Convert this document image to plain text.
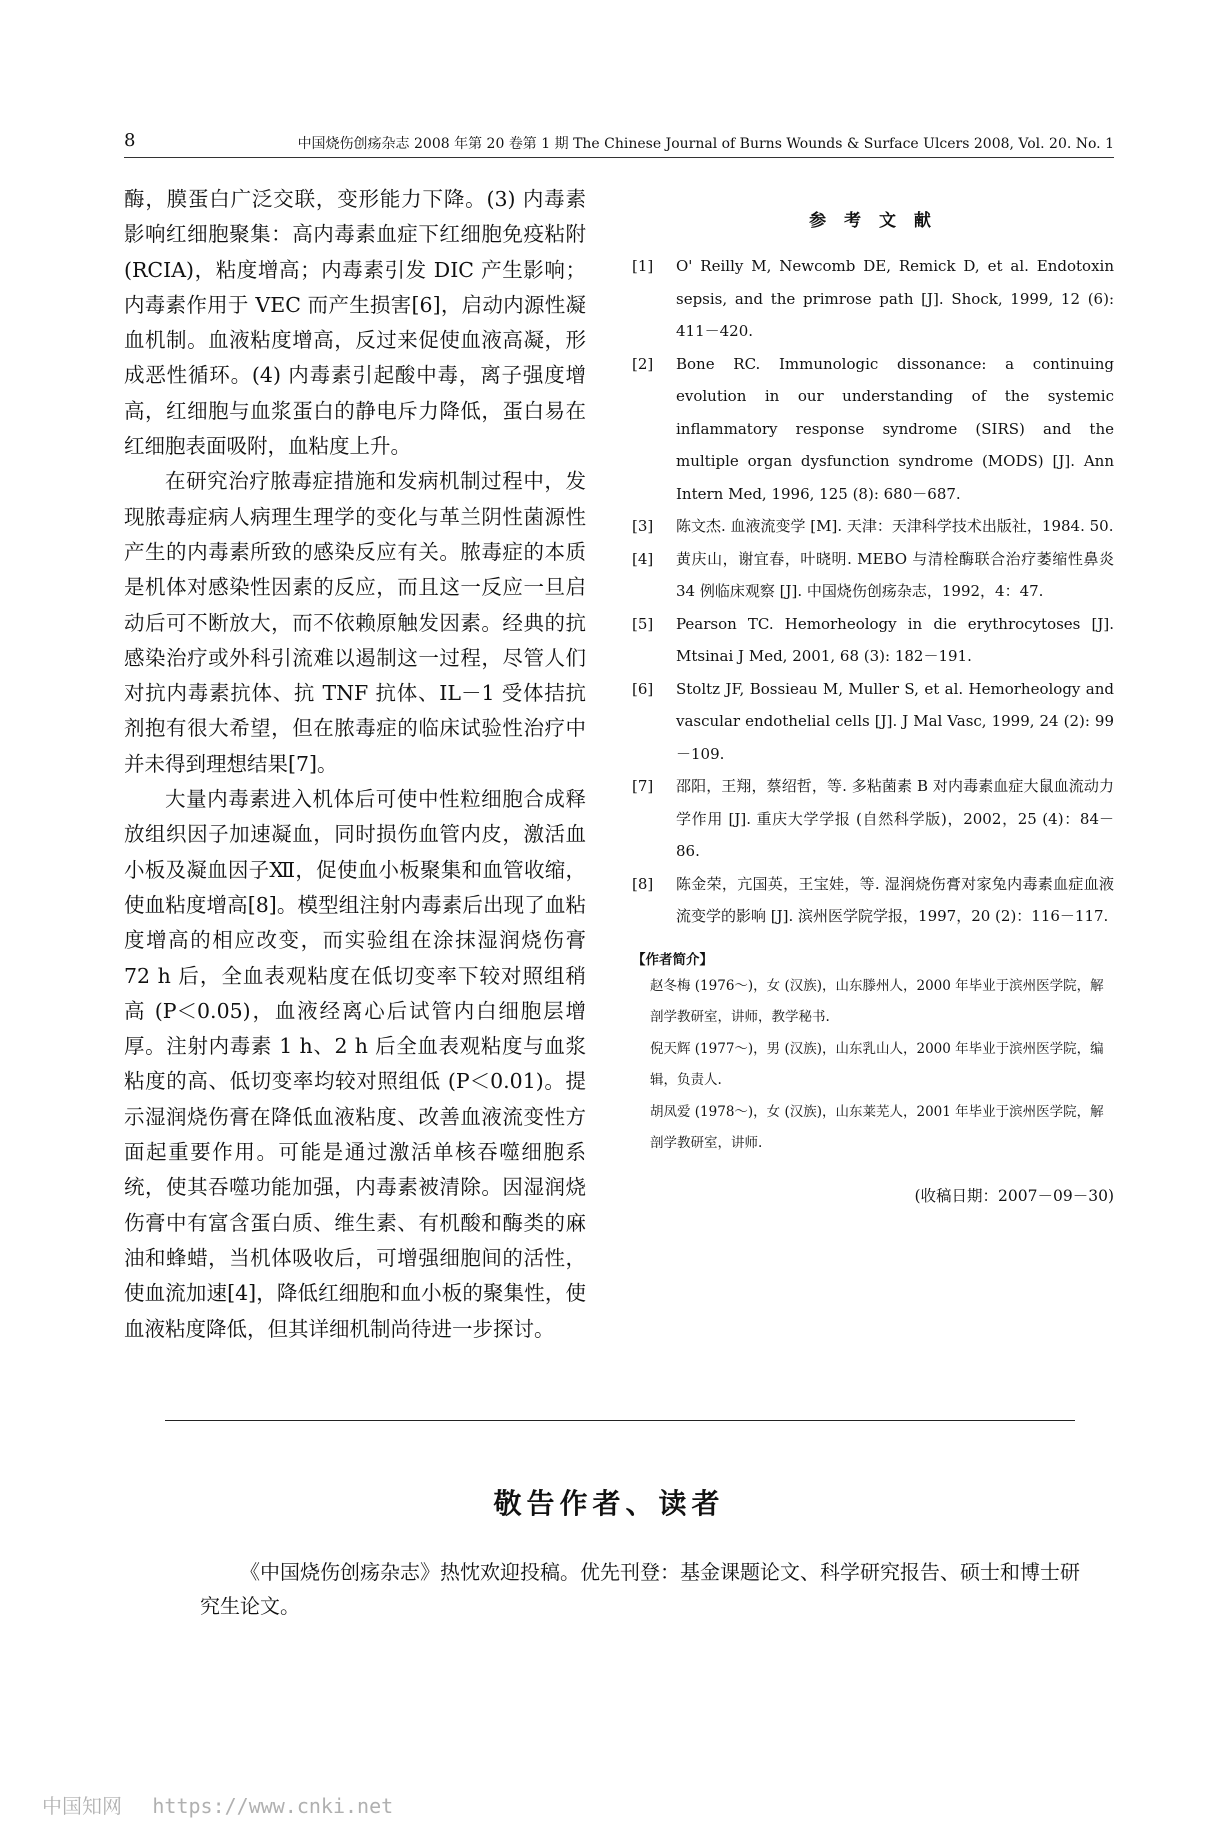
8	中国烧伤创疡杂志 2008 年第 20 卷第 1 期 The Chinese Journal of Burns Wounds & Surface Ulcers 2008, Vol. 20. No. 1

酶，膜蛋白广泛交联，变形能力下降。(3) 内毒素影响红细胞聚集：高内毒素血症下红细胞免疫粘附 (RCIA)，粘度增高；内毒素引发 DIC 产生影响；内毒素作用于 VEC 而产生损害[6]，启动内源性凝血机制。血液粘度增高，反过来促使血液高凝，形成恶性循环。(4) 内毒素引起酸中毒，离子强度增高，红细胞与血浆蛋白的静电斥力降低，蛋白易在红细胞表面吸附，血粘度上升。

在研究治疗脓毒症措施和发病机制过程中，发现脓毒症病人病理生理学的变化与革兰阴性菌源性产生的内毒素所致的感染反应有关。脓毒症的本质是机体对感染性因素的反应，而且这一反应一旦启动后可不断放大，而不依赖原触发因素。经典的抗感染治疗或外科引流难以遏制这一过程，尽管人们对抗内毒素抗体、抗 TNF 抗体、IL－1 受体拮抗剂抱有很大希望，但在脓毒症的临床试验性治疗中并未得到理想结果[7]。

大量内毒素进入机体后可使中性粒细胞合成释放组织因子加速凝血，同时损伤血管内皮，激活血小板及凝血因子Ⅻ，促使血小板聚集和血管收缩，使血粘度增高[8]。模型组注射内毒素后出现了血粘度增高的相应改变，而实验组在涂抹湿润烧伤膏 72 h 后，全血表观粘度在低切变率下较对照组稍高 (P＜0.05)，血液经离心后试管内白细胞层增厚。注射内毒素 1 h、2 h 后全血表观粘度与血浆粘度的高、低切变率均较对照组低 (P＜0.01)。提示湿润烧伤膏在降低血液粘度、改善血液流变性方面起重要作用。可能是通过激活单核吞噬细胞系统，使其吞噬功能加强，内毒素被清除。因湿润烧伤膏中有富含蛋白质、维生素、有机酸和酶类的麻油和蜂蜡，当机体吸收后，可增强细胞间的活性，使血流加速[4]，降低红细胞和血小板的聚集性，使血液粘度降低，但其详细机制尚待进一步探讨。

参 考 文 献
[1]	O' Reilly M, Newcomb DE, Remick D, et al. Endotoxin sepsis, and the primrose path [J]. Shock, 1999, 12 (6): 411－420.
[2]	Bone RC. Immunologic dissonance: a continuing evolution in our understanding of the systemic inflammatory response syndrome (SIRS) and the multiple organ dysfunction syndrome (MODS) [J]. Ann Intern Med, 1996, 125 (8): 680－687.
[3]	陈文杰. 血液流变学 [M]. 天津：天津科学技术出版社，1984. 50.
[4]	黄庆山，谢宜春，叶晓明. MEBO 与清栓酶联合治疗萎缩性鼻炎 34 例临床观察 [J]. 中国烧伤创疡杂志，1992，4：47.
[5]	Pearson TC. Hemorheology in die erythrocytoses [J]. Mtsinai J Med, 2001, 68 (3): 182－191.
[6]	Stoltz JF, Bossieau M, Muller S, et al. Hemorheology and vascular endothelial cells [J]. J Mal Vasc, 1999, 24 (2): 99－109.
[7]	邵阳，王翔，蔡绍哲，等. 多粘菌素 B 对内毒素血症大鼠血流动力学作用 [J]. 重庆大学学报 (自然科学版)，2002，25 (4)：84－86.
[8]	陈金荣，亢国英，王宝娃，等. 湿润烧伤膏对家兔内毒素血症血液流变学的影响 [J]. 滨州医学院学报，1997，20 (2)：116－117.
【作者简介】
赵冬梅 (1976～)，女 (汉族)，山东滕州人，2000 年毕业于滨州医学院，解剖学教研室，讲师，教学秘书.
倪天辉 (1977～)，男 (汉族)，山东乳山人，2000 年毕业于滨州医学院，编辑，负责人.
胡凤爱 (1978～)，女 (汉族)，山东莱芜人，2001 年毕业于滨州医学院，解剖学教研室，讲师.
(收稿日期：2007－09－30)
敬告作者、读者
《中国烧伤创疡杂志》热忱欢迎投稿。优先刊登：基金课题论文、科学研究报告、硕士和博士研究生论文。
中国知网 https://www.cnki.net
